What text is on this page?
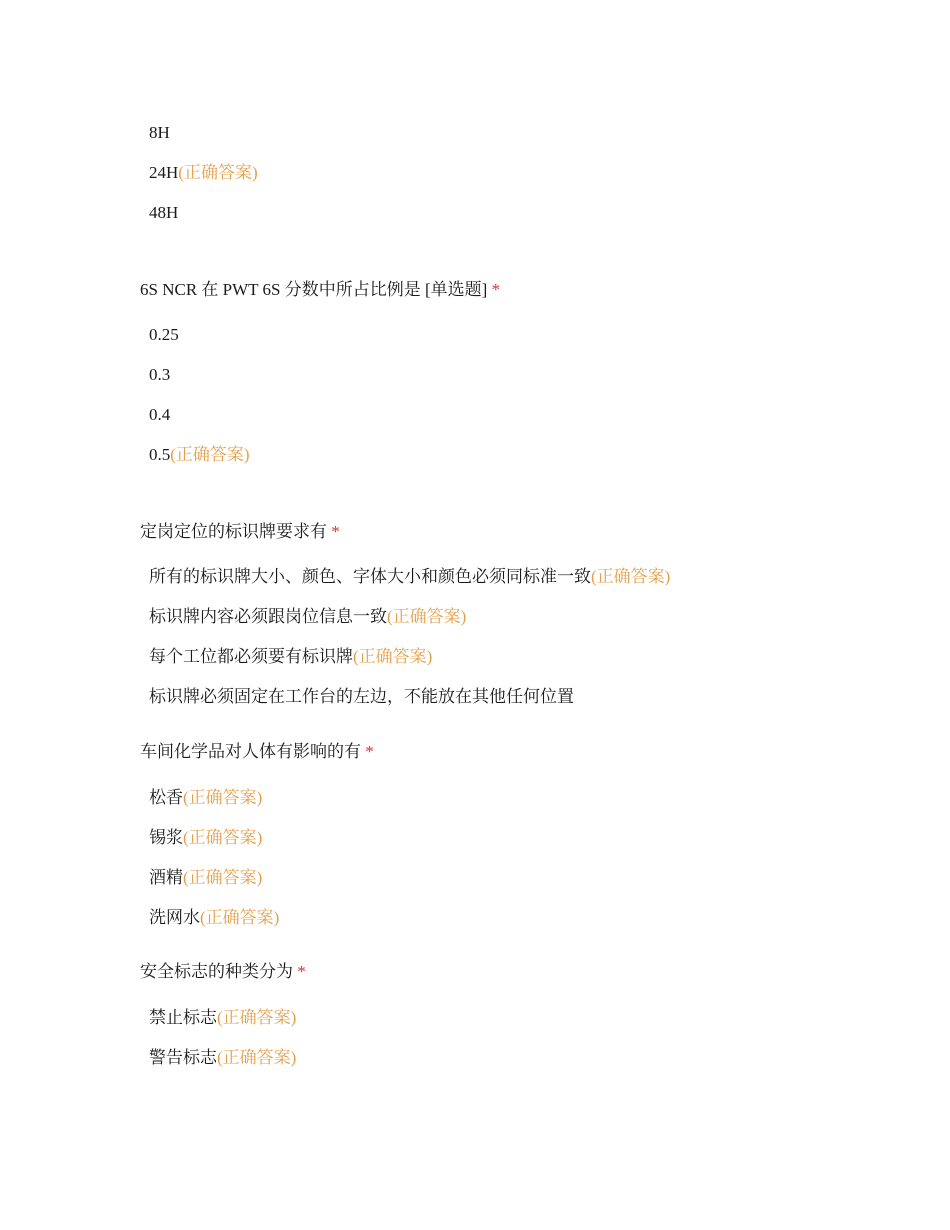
8H
24H(正确答案)
48H
6S NCR 在 PWT 6S 分数中所占比例是 [单选题] *
0.25
0.3
0.4
0.5(正确答案)
定岗定位的标识牌要求有 *
所有的标识牌大小、颜色、字体大小和颜色必须同标准一致(正确答案)
标识牌内容必须跟岗位信息一致(正确答案)
每个工位都必须要有标识牌(正确答案)
标识牌必须固定在工作台的左边，不能放在其他任何位置
车间化学品对人体有影响的有 *
松香(正确答案)
锡浆(正确答案)
酒精(正确答案)
洗网水(正确答案)
安全标志的种类分为 *
禁止标志(正确答案)
警告标志(正确答案)
